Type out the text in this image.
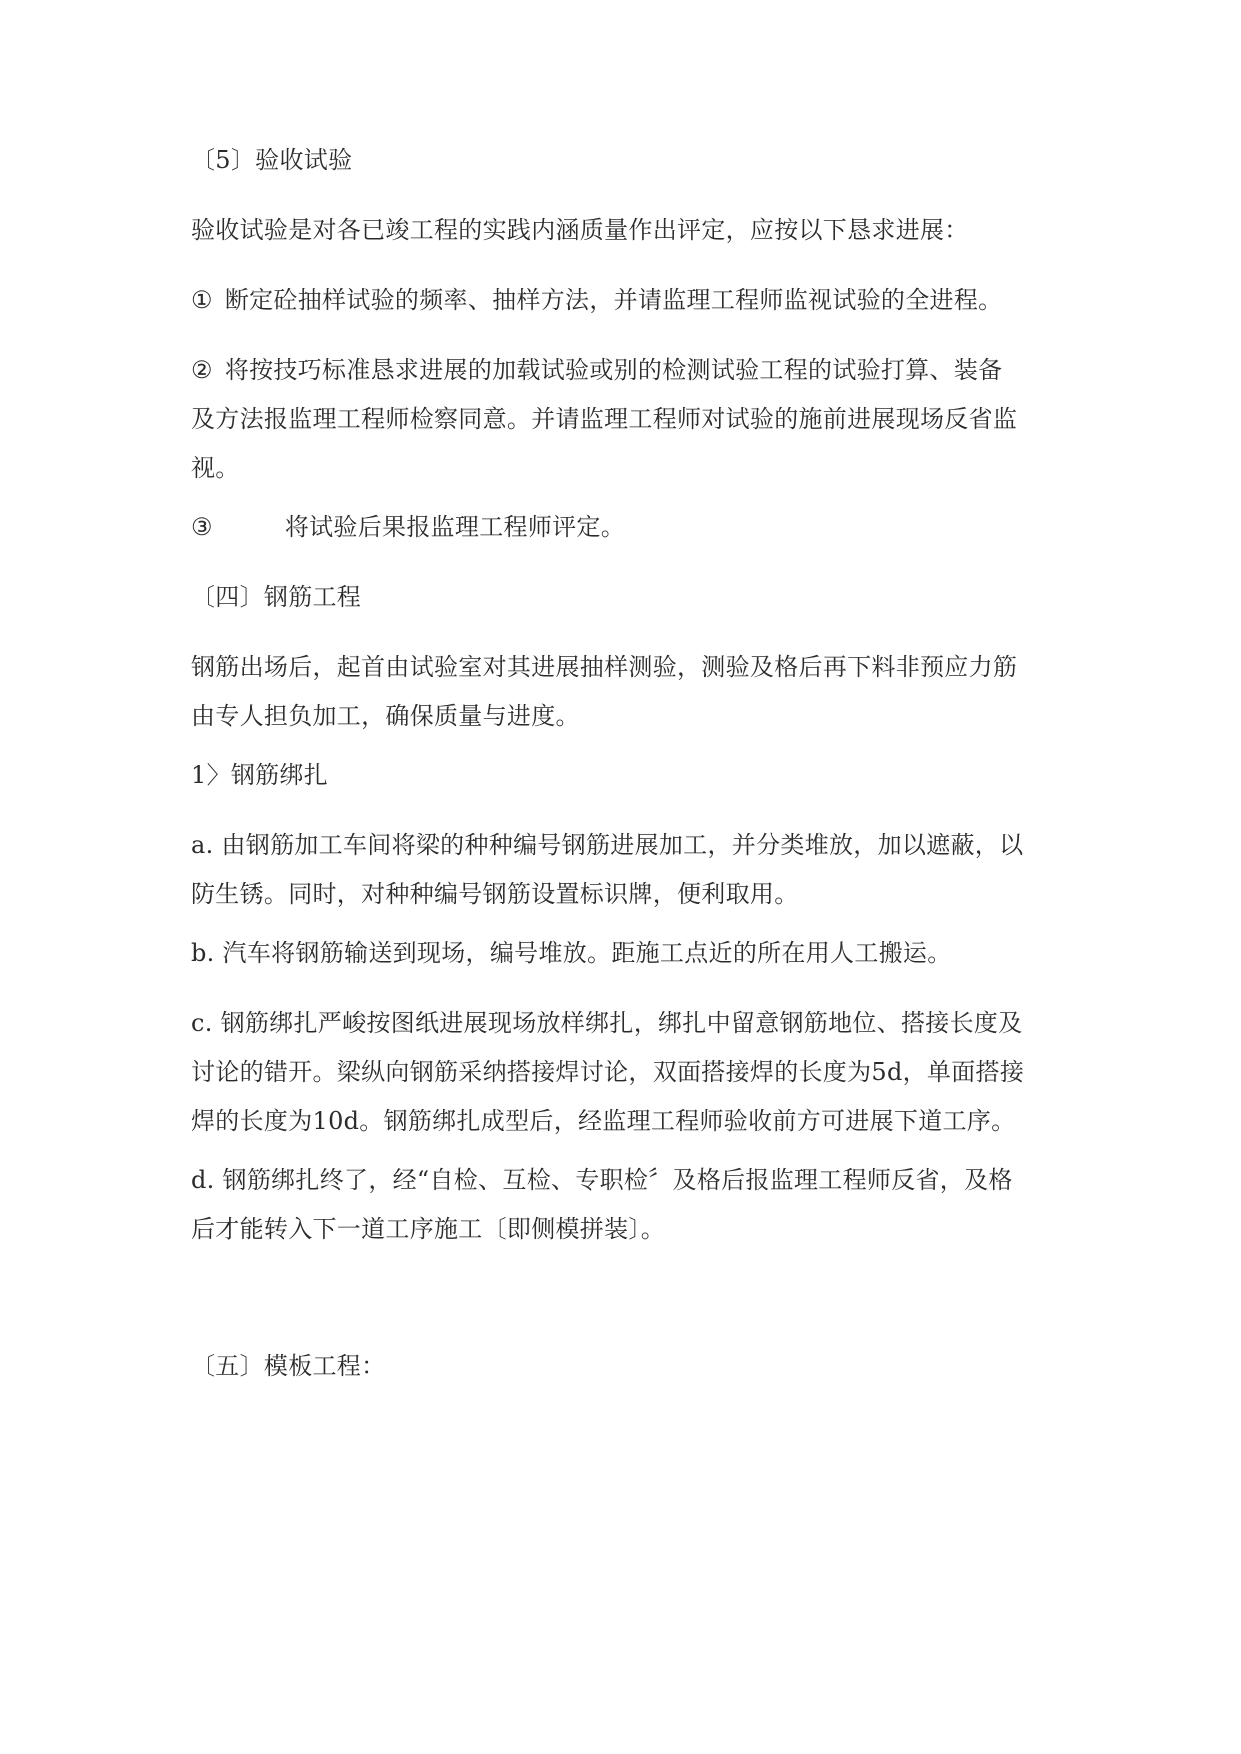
〔5〕验收试验

验收试验是对各已竣工程的实践内涵质量作出评定，应按以下恳求进展：

① 断定砼抽样试验的频率、抽样方法，并请监理工程师监视试验的全进程。

② 将按技巧标准恳求进展的加载试验或别的检测试验工程的试验打算、装备
及方法报监理工程师检察同意。并请监理工程师对试验的施前进展现场反省监
视。

③	将试验后果报监理工程师评定。

〔四〕钢筋工程

钢筋出场后，起首由试验室对其进展抽样测验，测验及格后再下料非预应力筋
由专人担负加工，确保质量与进度。

1〉钢筋绑扎

a. 由钢筋加工车间将梁的种种编号钢筋进展加工，并分类堆放，加以遮蔽，以
防生锈。同时，对种种编号钢筋设置标识牌，便利取用。

b. 汽车将钢筋输送到现场，编号堆放。距施工点近的所在用人工搬运。

c. 钢筋绑扎严峻按图纸进展现场放样绑扎，绑扎中留意钢筋地位、搭接长度及
讨论的错开。梁纵向钢筋采纳搭接焊讨论，双面搭接焊的长度为5d，单面搭接
焊的长度为10d。钢筋绑扎成型后，经监理工程师验收前方可进展下道工序。

d. 钢筋绑扎终了，经“自检、互检、专职检〞及格后报监理工程师反省，及格
后才能转入下一道工序施工〔即侧模拼装〕。

〔五〕模板工程：
